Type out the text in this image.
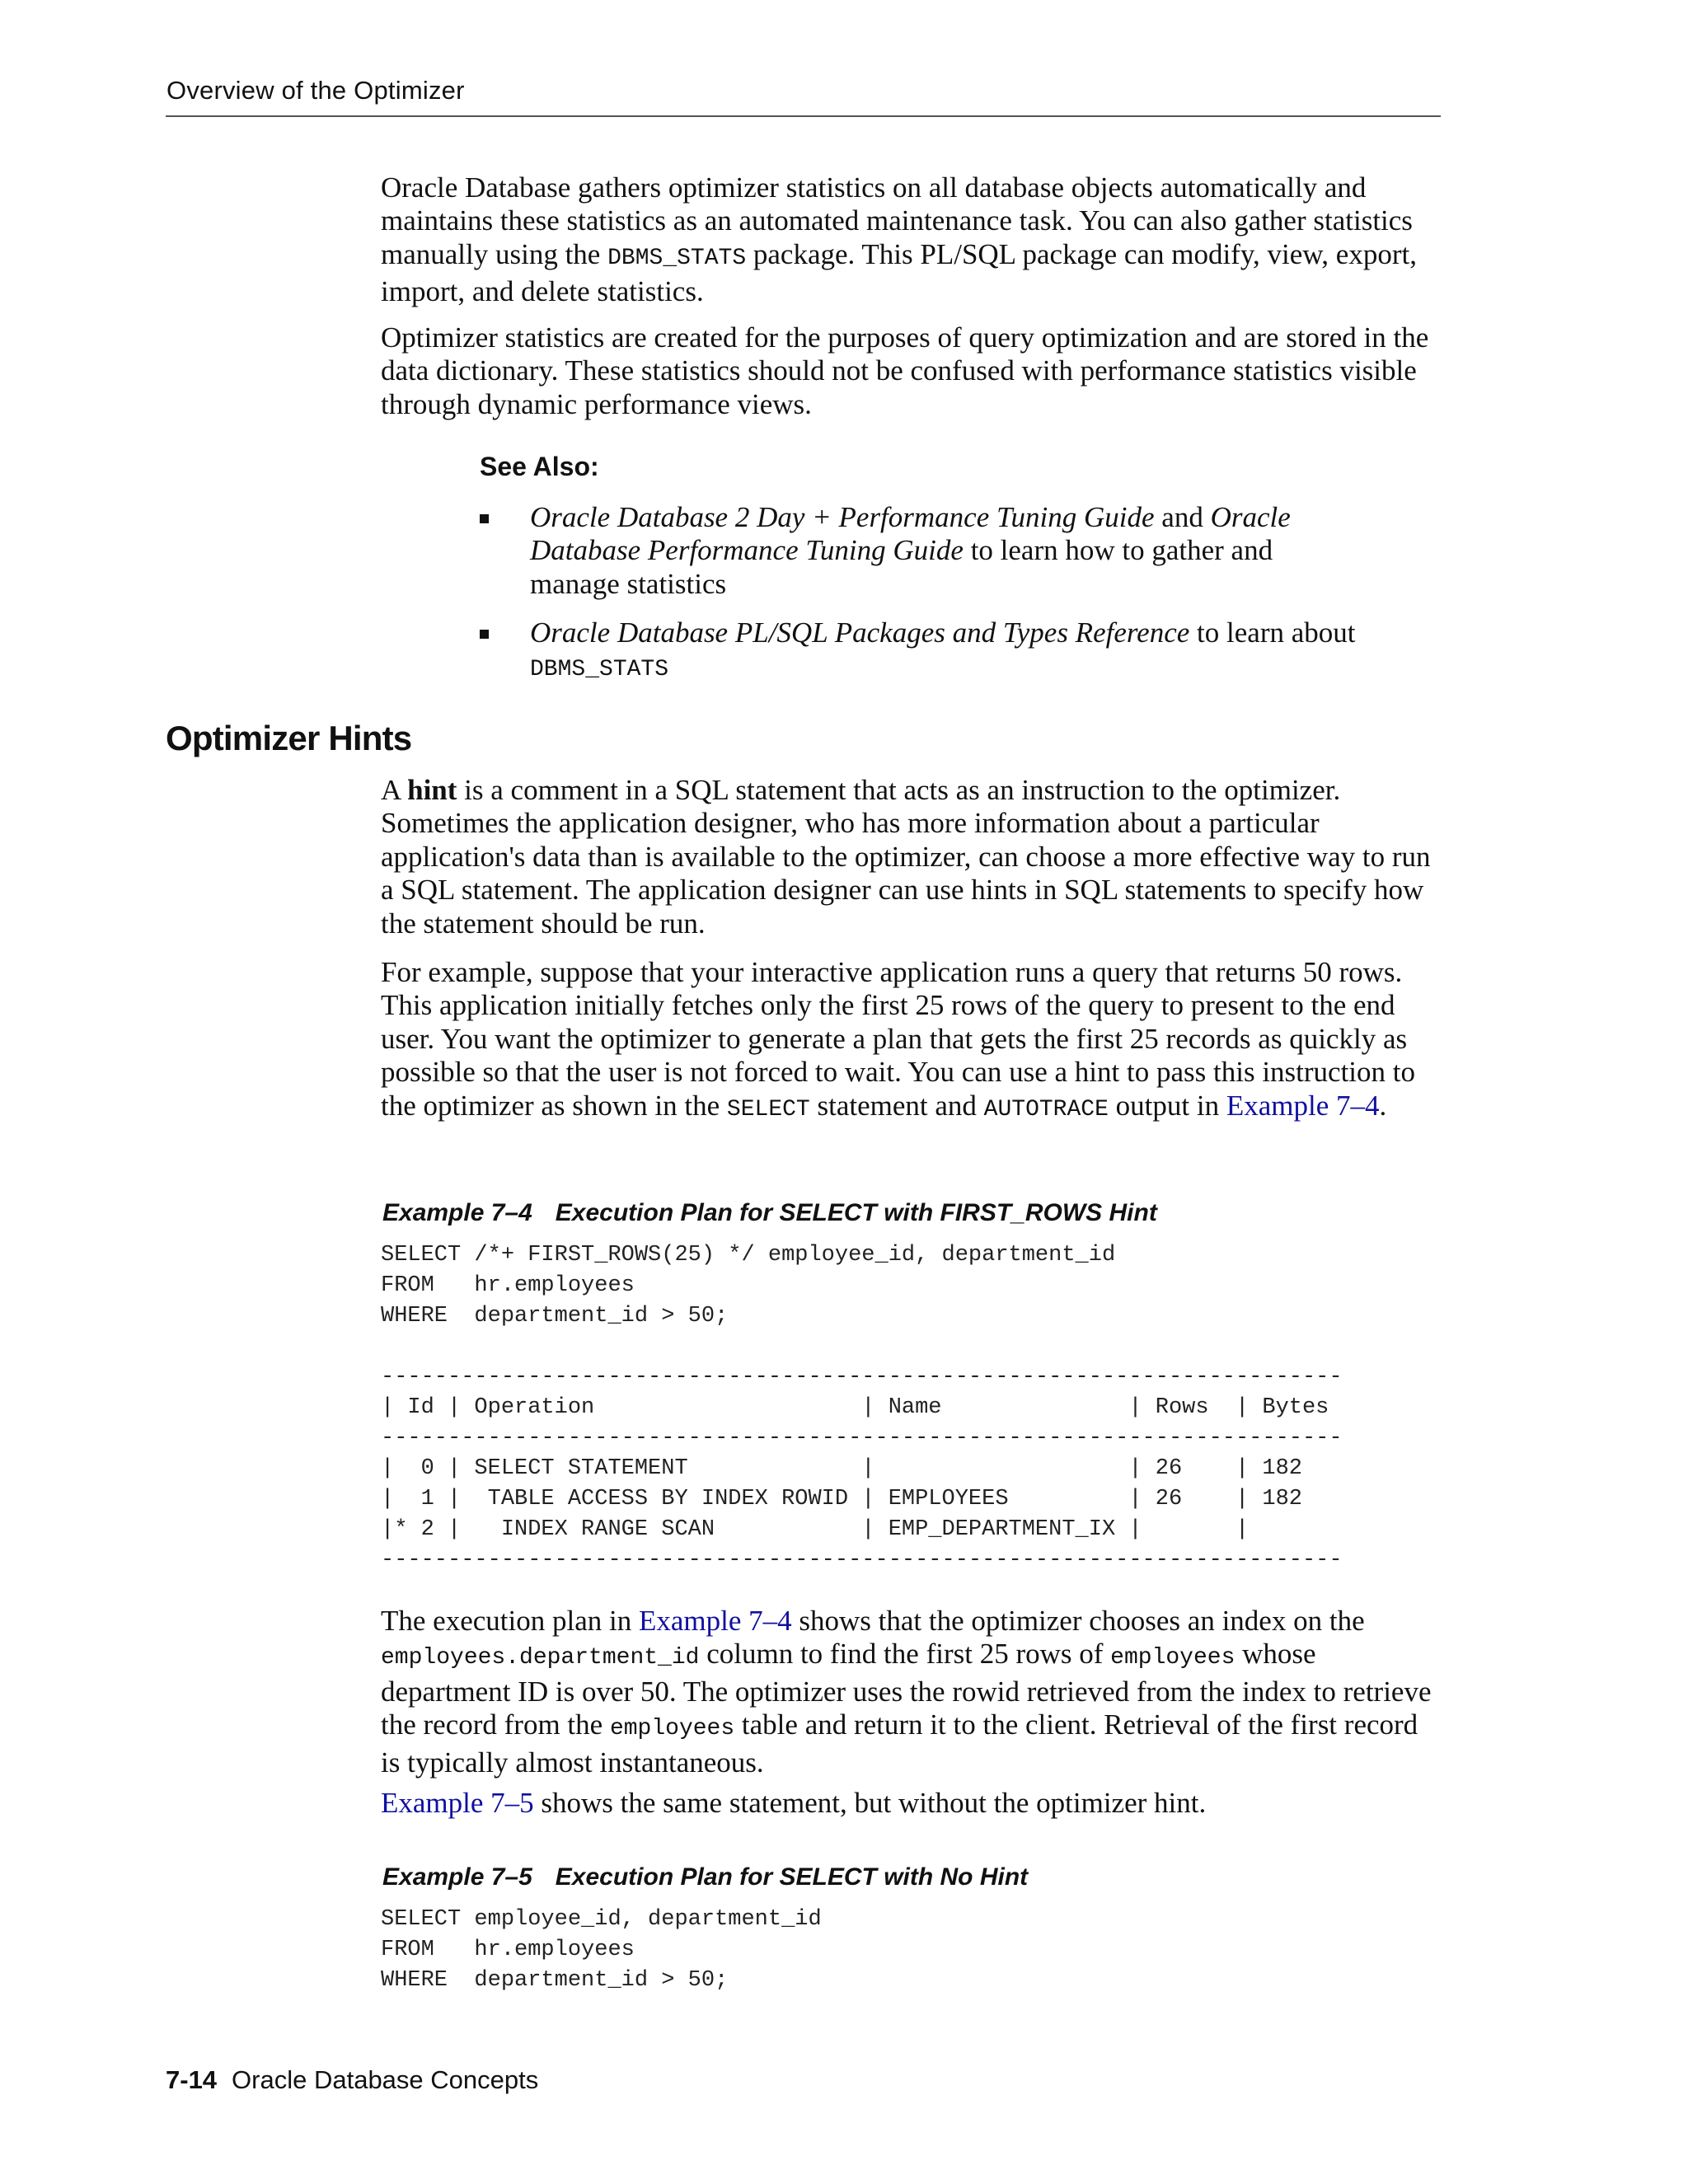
Overview of the Optimizer

Oracle Database gathers optimizer statistics on all database objects automatically and maintains these statistics as an automated maintenance task. You can also gather statistics manually using the DBMS_STATS package. This PL/SQL package can modify, view, export, import, and delete statistics.

Optimizer statistics are created for the purposes of query optimization and are stored in the data dictionary. These statistics should not be confused with performance statistics visible through dynamic performance views.

See Also:
Oracle Database 2 Day + Performance Tuning Guide and Oracle Database Performance Tuning Guide to learn how to gather and manage statistics
Oracle Database PL/SQL Packages and Types Reference to learn about
DBMS_STATS
Optimizer Hints

A hint is a comment in a SQL statement that acts as an instruction to the optimizer. Sometimes the application designer, who has more information about a particular application's data than is available to the optimizer, can choose a more effective way to run a SQL statement. The application designer can use hints in SQL statements to specify how the statement should be run.

For example, suppose that your interactive application runs a query that returns 50 rows. This application initially fetches only the first 25 rows of the query to present to the end user. You want the optimizer to generate a plan that gets the first 25 records as quickly as possible so that the user is not forced to wait. You can use a hint to pass this instruction to the optimizer as shown in the SELECT statement and AUTOTRACE output in Example 7–4.

Example 7–4 Execution Plan for SELECT with FIRST_ROWS Hint
SELECT /*+ FIRST_ROWS(25) */ employee_id, department_id
FROM   hr.employees
WHERE  department_id > 50;

------------------------------------------------------------------------
| Id | Operation                    | Name              | Rows  | Bytes
------------------------------------------------------------------------
|  0 | SELECT STATEMENT             |                   | 26    | 182
|  1 |  TABLE ACCESS BY INDEX ROWID | EMPLOYEES         | 26    | 182
|* 2 |   INDEX RANGE SCAN           | EMP_DEPARTMENT_IX |       |
------------------------------------------------------------------------

The execution plan in Example 7–4 shows that the optimizer chooses an index on the employees.department_id column to find the first 25 rows of employees whose department ID is over 50. The optimizer uses the rowid retrieved from the index to retrieve the record from the employees table and return it to the client. Retrieval of the first record is typically almost instantaneous.

Example 7–5 shows the same statement, but without the optimizer hint.

Example 7–5 Execution Plan for SELECT with No Hint
SELECT employee_id, department_id
FROM   hr.employees
WHERE  department_id > 50;
7-14 Oracle Database Concepts
